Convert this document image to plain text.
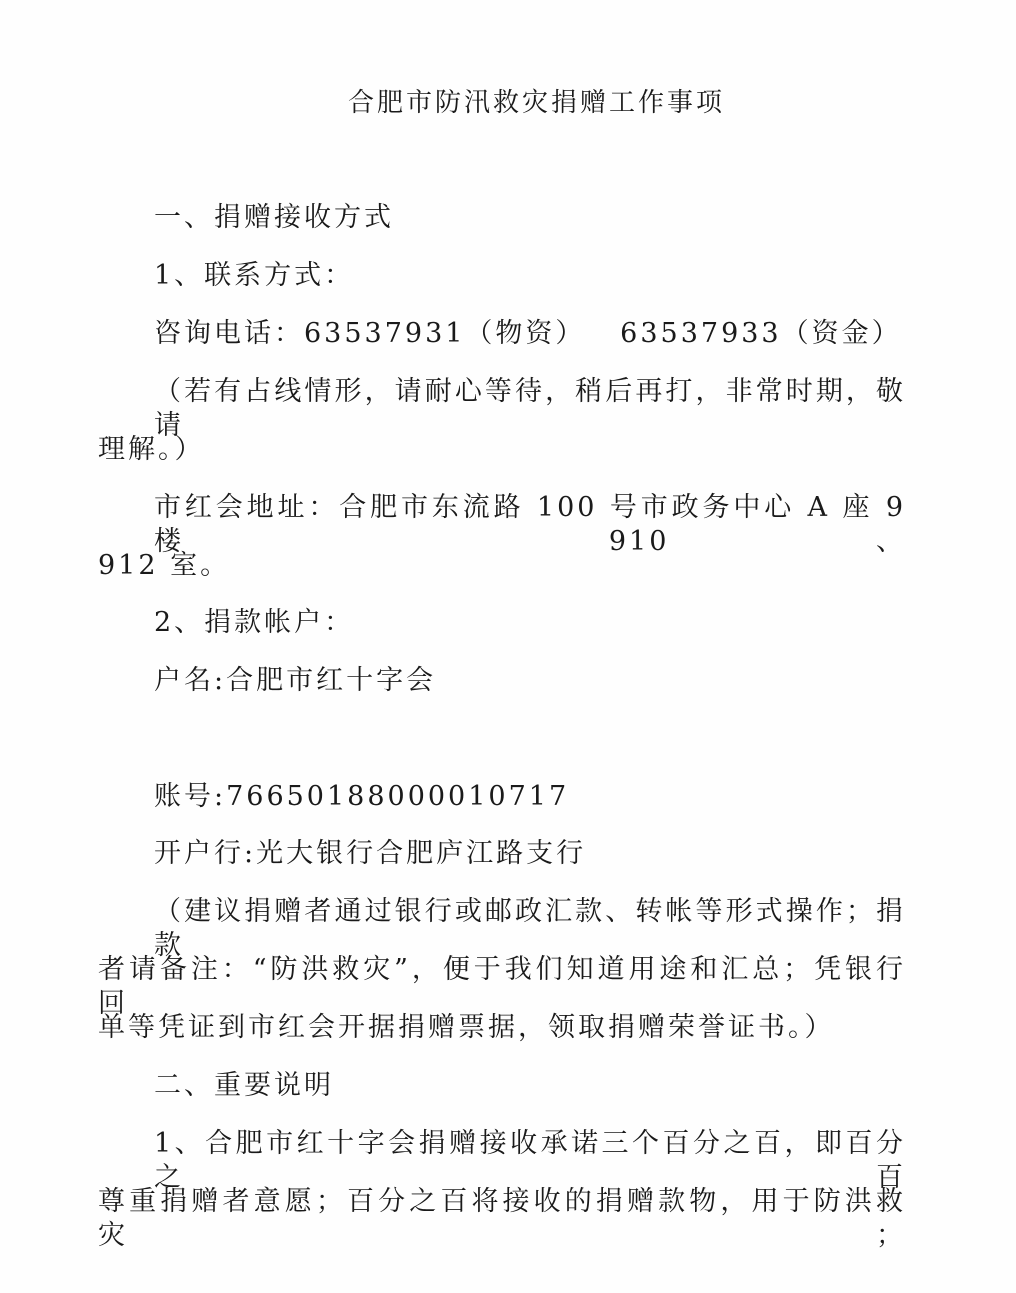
合肥市防汛救灾捐赠工作事项
一、捐赠接收方式
1、联系方式：
咨询电话：63537931（物资）   63537933（资金）
（若有占线情形，请耐心等待，稍后再打，非常时期，敬请
理解。）
市红会地址：合肥市东流路 100 号市政务中心 A 座 9 楼 910、
912 室。
2、捐款帐户：
户名:合肥市红十字会
账号:76650188000010717
开户行:光大银行合肥庐江路支行
（建议捐赠者通过银行或邮政汇款、转帐等形式操作；捐款
者请备注：“防洪救灾”，便于我们知道用途和汇总；凭银行回
单等凭证到市红会开据捐赠票据，领取捐赠荣誉证书。）
二、重要说明
1、合肥市红十字会捐赠接收承诺三个百分之百，即百分之百
尊重捐赠者意愿；百分之百将接收的捐赠款物，用于防洪救灾；
